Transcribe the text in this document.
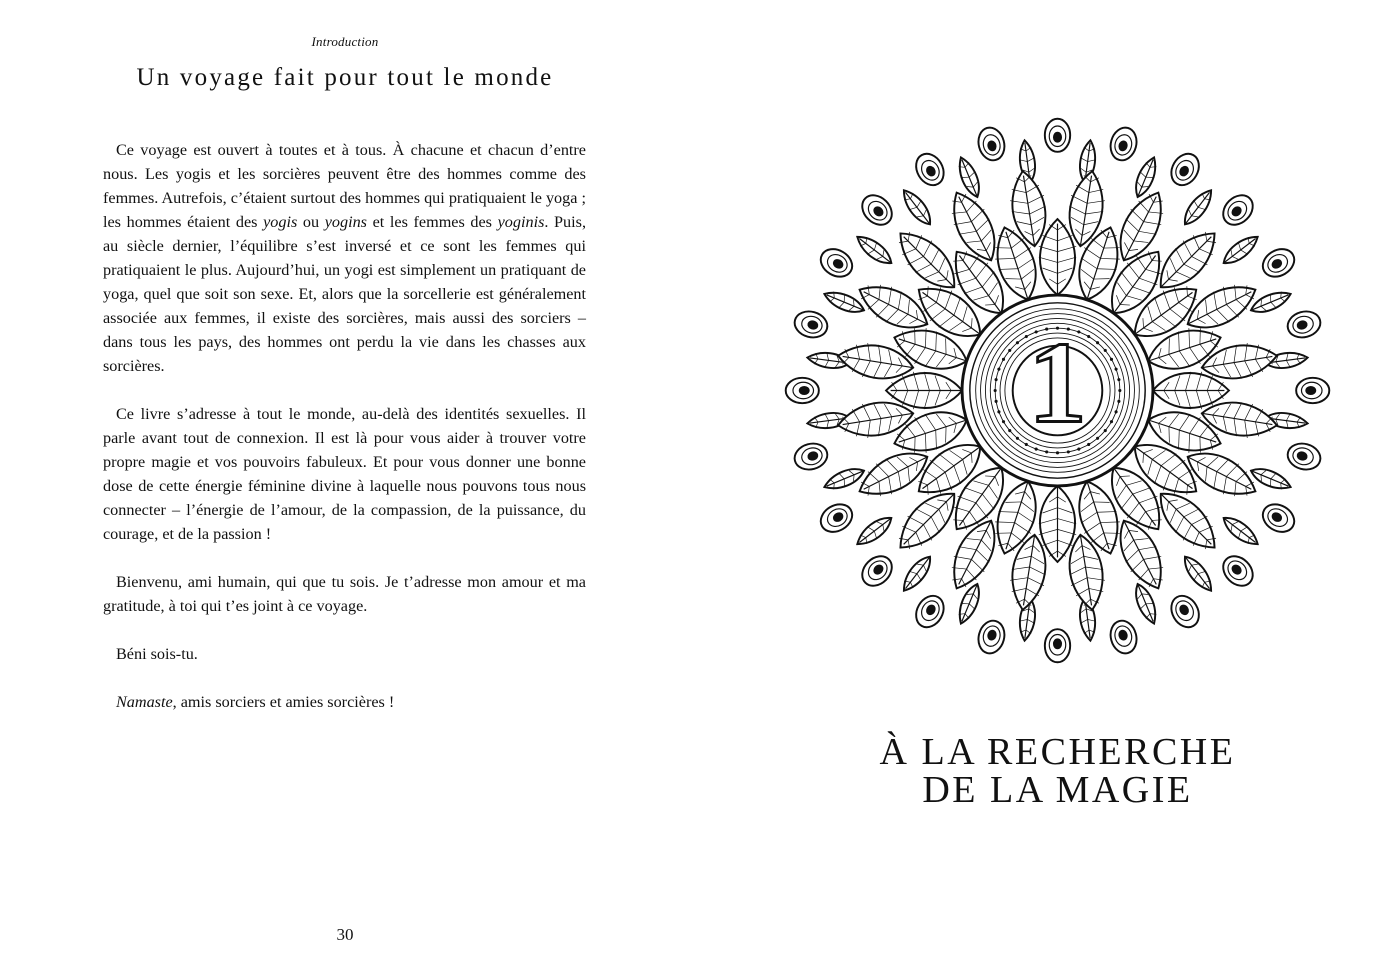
Introduction
Un voyage fait pour tout le monde

Ce voyage est ouvert à toutes et à tous. À chacune et chacun d’entre nous. Les yogis et les sorcières peuvent être des hommes comme des femmes. Autrefois, c’étaient surtout des hommes qui pratiquaient le yoga ; les hommes étaient des yogis ou yogins et les femmes des yoginis. Puis, au siècle dernier, l’équilibre s’est inversé et ce sont les femmes qui pratiquaient le plus. Aujourd’hui, un yogi est simplement un pratiquant de yoga, quel que soit son sexe. Et, alors que la sorcellerie est généralement associée aux femmes, il existe des sorcières, mais aussi des sorciers – dans tous les pays, des hommes ont perdu la vie dans les chasses aux sorcières.

Ce livre s’adresse à tout le monde, au-delà des identités sexuelles. Il parle avant tout de connexion. Il est là pour vous aider à trouver votre propre magie et vos pouvoirs fabuleux. Et pour vous donner une bonne dose de cette énergie féminine divine à laquelle nous pouvons tous nous connecter – l’énergie de l’amour, de la compassion, de la puissance, du courage, et de la passion !

Bienvenu, ami humain, qui que tu sois. Je t’adresse mon amour et ma gratitude, à toi qui t’es joint à ce voyage.

Béni sois-tu.

Namaste, amis sorciers et amies sorcières !

30
1
À LA RECHERCHE
DE LA MAGIE
